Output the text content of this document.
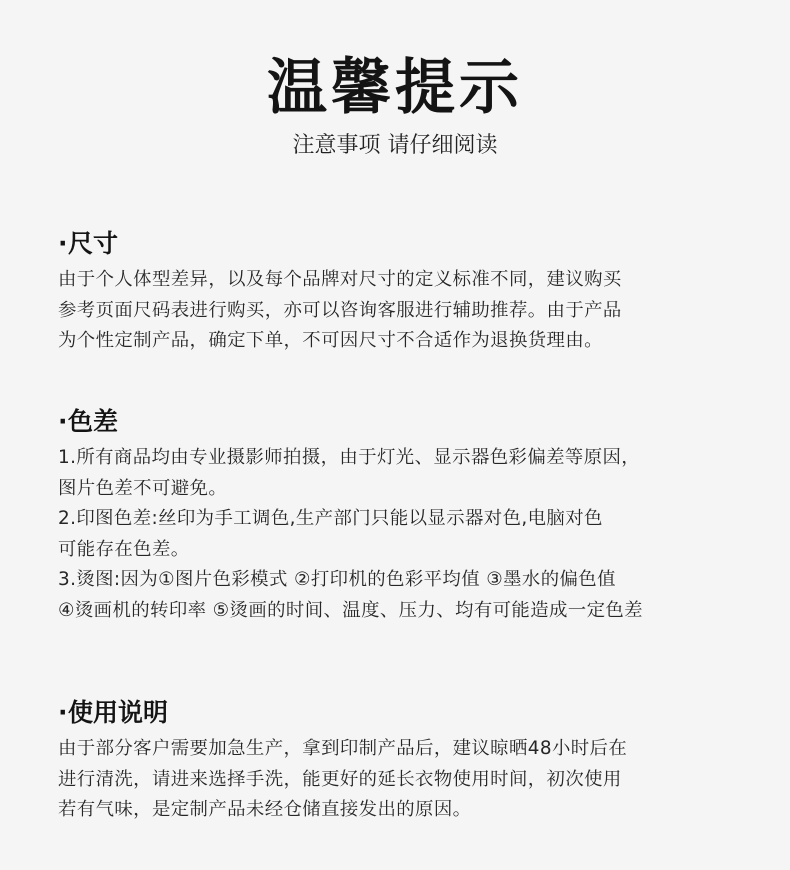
温馨提示
注意事项 请仔细阅读
·尺寸
由于个人体型差异，以及每个品牌对尺寸的定义标准不同，建议购买
参考页面尺码表进行购买，亦可以咨询客服进行辅助推荐。由于产品
为个性定制产品，确定下单，不可因尺寸不合适作为退换货理由。
·色差
1.所有商品均由专业摄影师拍摄，由于灯光、显示器色彩偏差等原因，
图片色差不可避免。
2.印图色差:丝印为手工调色,生产部门只能以显示器对色,电脑对色
可能存在色差。
3.烫图:因为①图片色彩模式 ②打印机的色彩平均值 ③墨水的偏色值
④烫画机的转印率 ⑤烫画的时间、温度、压力、均有可能造成一定色差
·使用说明
由于部分客户需要加急生产，拿到印制产品后，建议晾晒48小时后在
进行清洗，请进来选择手洗，能更好的延长衣物使用时间，初次使用
若有气味，是定制产品未经仓储直接发出的原因。
